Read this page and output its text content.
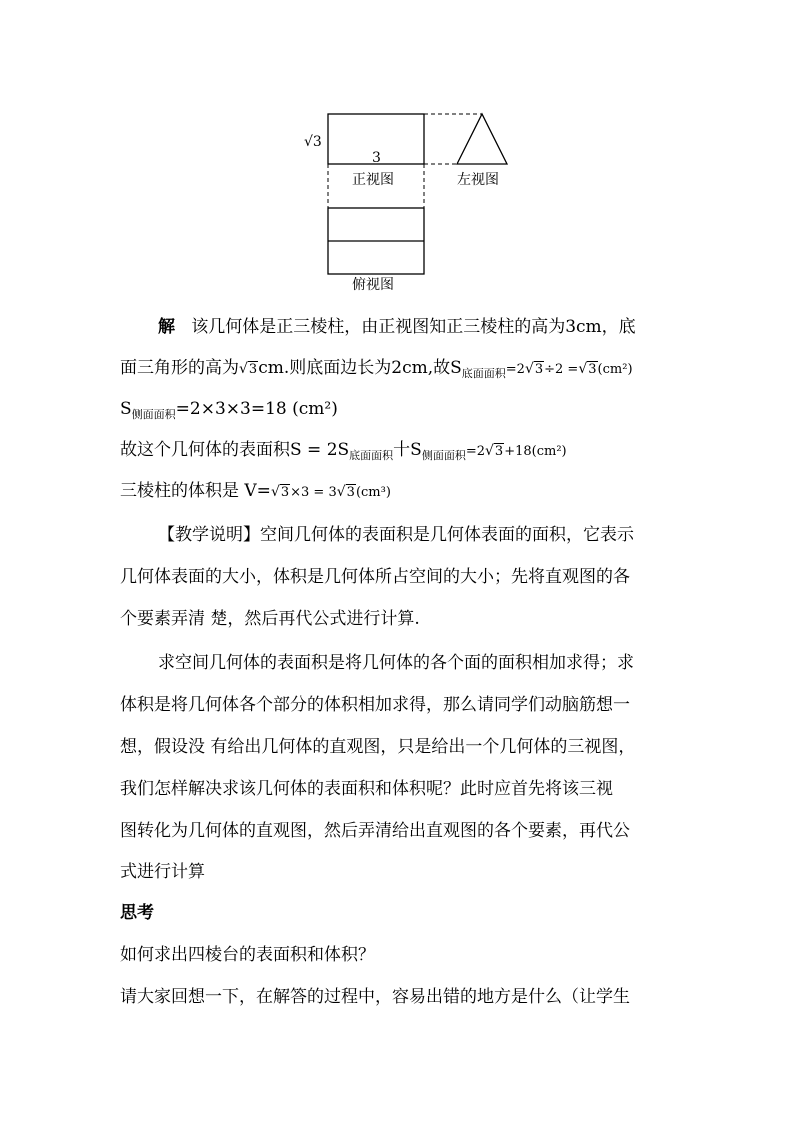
√3
3
正视图	左视图
俯视图
解 该几何体是正三棱柱，由正视图知正三棱柱的高为3cm，底
面三角形的高为√3cm.则底面边长为2cm,故$S_{底面面积}=2√3\div 2 =√3(cm^2)$
$S_{侧面面积}=2\times 3\times 3=18$ (cm²)
故这个几何体的表面积$S = 2S_{底面面积}$十$S_{侧面面积}=2√3+18(cm^2)$
三棱柱的体积是 V=√3×3 = 3√3(cm³)
【教学说明】空间几何体的表面积是几何体表面的面积，它表示
几何体表面的大小，体积是几何体所占空间的大小；先将直观图的各
个要素弄清 楚，然后再代公式进行计算.
求空间几何体的表面积是将几何体的各个面的面积相加求得；求
体积是将几何体各个部分的体积相加求得，那么请同学们动脑筋想一
想，假设没 有给出几何体的直观图，只是给出一个几何体的三视图，
我们怎样解决求该几何体的表面积和体积呢？此时应首先将该三视
图转化为几何体的直观图，然后弄清给出直观图的各个要素，再代公
式进行计算
思考
如何求出四棱台的表面积和体积？
请大家回想一下，在解答的过程中，容易出错的地方是什么（让学生
